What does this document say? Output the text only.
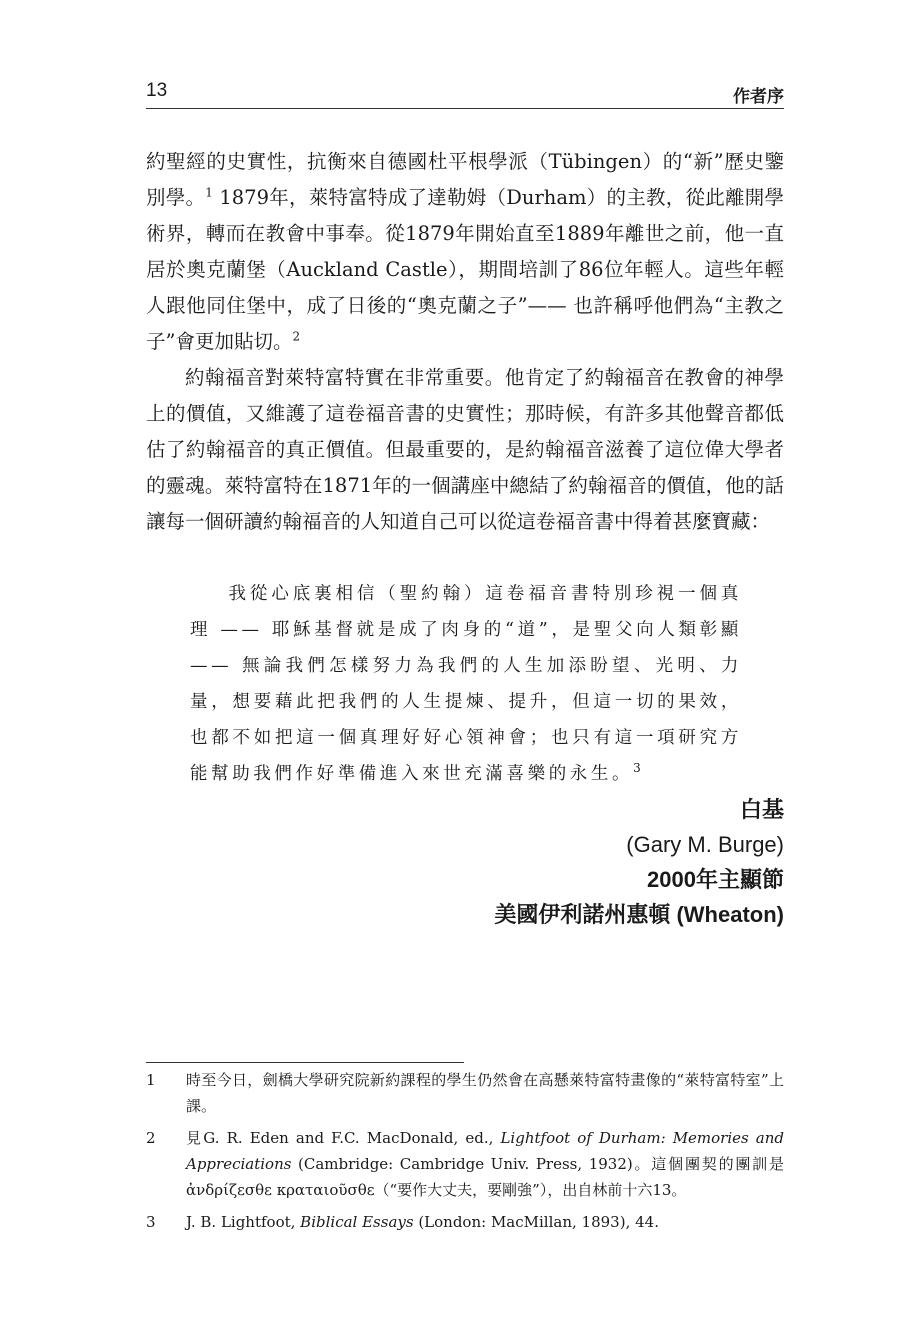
13	作者序

約聖經的史實性，抗衡來自德國杜平根學派（Tübingen）的“新”歷史鑒別學。$^1$ 1879年，萊特富特成了達勒姆（Durham）的主教，從此離開學術界，轉而在教會中事奉。從1879年開始直至1889年離世之前，他一直居於奧克蘭堡（Auckland Castle），期間培訓了86位年輕人。這些年輕人跟他同住堡中，成了日後的“奧克蘭之子”—— 也許稱呼他們為“主教之子”會更加貼切。$^2$

約翰福音對萊特富特實在非常重要。他肯定了約翰福音在教會的神學上的價值，又維護了這卷福音書的史實性；那時候，有許多其他聲音都低估了約翰福音的真正價值。但最重要的，是約翰福音滋養了這位偉大學者的靈魂。萊特富特在1871年的一個講座中總結了約翰福音的價值，他的話讓每一個研讀約翰福音的人知道自己可以從這卷福音書中得着甚麼寶藏：

我從心底裏相信（聖約翰）這卷福音書特別珍視一個真理 —— 耶穌基督就是成了肉身的“道”，是聖父向人類彰顯 —— 無論我們怎樣努力為我們的人生加添盼望、光明、力量，想要藉此把我們的人生提煉、提升，但這一切的果效，也都不如把這一個真理好好心領神會；也只有這一項研究方能幫助我們作好準備進入來世充滿喜樂的永生。$^3$

白基
(Gary M. Burge)
2000年主顯節
美國伊利諾州惠頓 (Wheaton)
1 時至今日，劍橋大學研究院新約課程的學生仍然會在高懸萊特富特畫像的“萊特富特室”上課。
2 見G. R. Eden and F.C. MacDonald, ed., Lightfoot of Durham: Memories and Appreciations (Cambridge: Cambridge Univ. Press, 1932)。這個團契的團訓是 ἀνδρίζεσθε κραταιοῦσθε（“要作大丈夫，要剛強”），出自林前十六13。
3 J. B. Lightfoot, Biblical Essays (London: MacMillan, 1893), 44.
